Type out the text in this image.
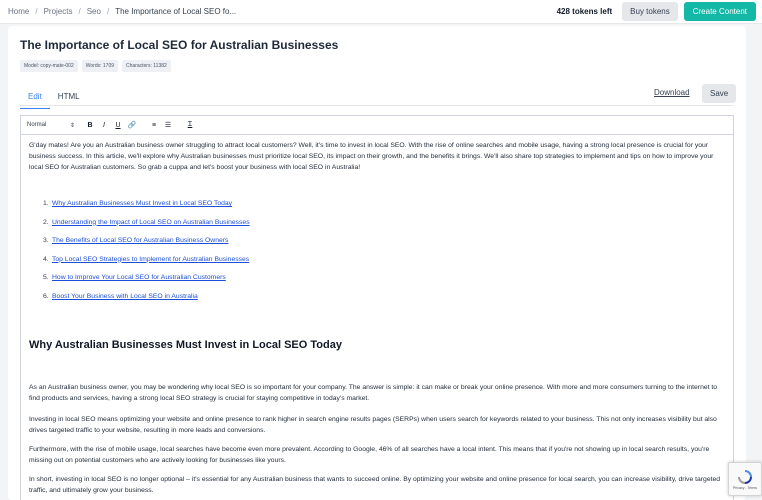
Home / Projects / Seo / The Importance of Local SEO fo...	428 tokens left	Buy tokens	Create Content
The Importance of Local SEO for Australian Businesses
Model: copy-mate-002	Words: 1709	Characters: 11382
Edit	HTML	Download	Save
Normal	⇕	B	I	U	🔗	≡	☰	Ꮖ

G'day mates! Are you an Australian business owner struggling to attract local customers? Well, it's time to invest in local SEO. With the rise of online searches and mobile usage, having a strong local presence is crucial for your business success. In this article, we'll explore why Australian businesses must prioritize local SEO, its impact on their growth, and the benefits it brings. We'll also share top strategies to implement and tips on how to improve your local SEO for Australian customers. So grab a cuppa and let's boost your business with local SEO in Australia!

1. Why Australian Businesses Must Invest in Local SEO Today
2. Understanding the Impact of Local SEO on Australian Businesses
3. The Benefits of Local SEO for Australian Business Owners
4. Top Local SEO Strategies to Implement for Australian Businesses
5. How to Improve Your Local SEO for Australian Customers
6. Boost Your Business with Local SEO in Australia
Why Australian Businesses Must Invest in Local SEO Today

As an Australian business owner, you may be wondering why local SEO is so important for your company. The answer is simple: it can make or break your online presence. With more and more consumers turning to the internet to find products and services, having a strong local SEO strategy is crucial for staying competitive in today's market.

Investing in local SEO means optimizing your website and online presence to rank higher in search engine results pages (SERPs) when users search for keywords related to your business. This not only increases visibility but also drives targeted traffic to your website, resulting in more leads and conversions.

Furthermore, with the rise of mobile usage, local searches have become even more prevalent. According to Google, 46% of all searches have a local intent. This means that if you're not showing up in local search results, you're missing out on potential customers who are actively looking for businesses like yours.

In short, investing in local SEO is no longer optional – it's essential for any Australian business that wants to succeed online. By optimizing your website and online presence for local search, you can increase visibility, drive targeted traffic, and ultimately grow your business.	Privacy - Terms
